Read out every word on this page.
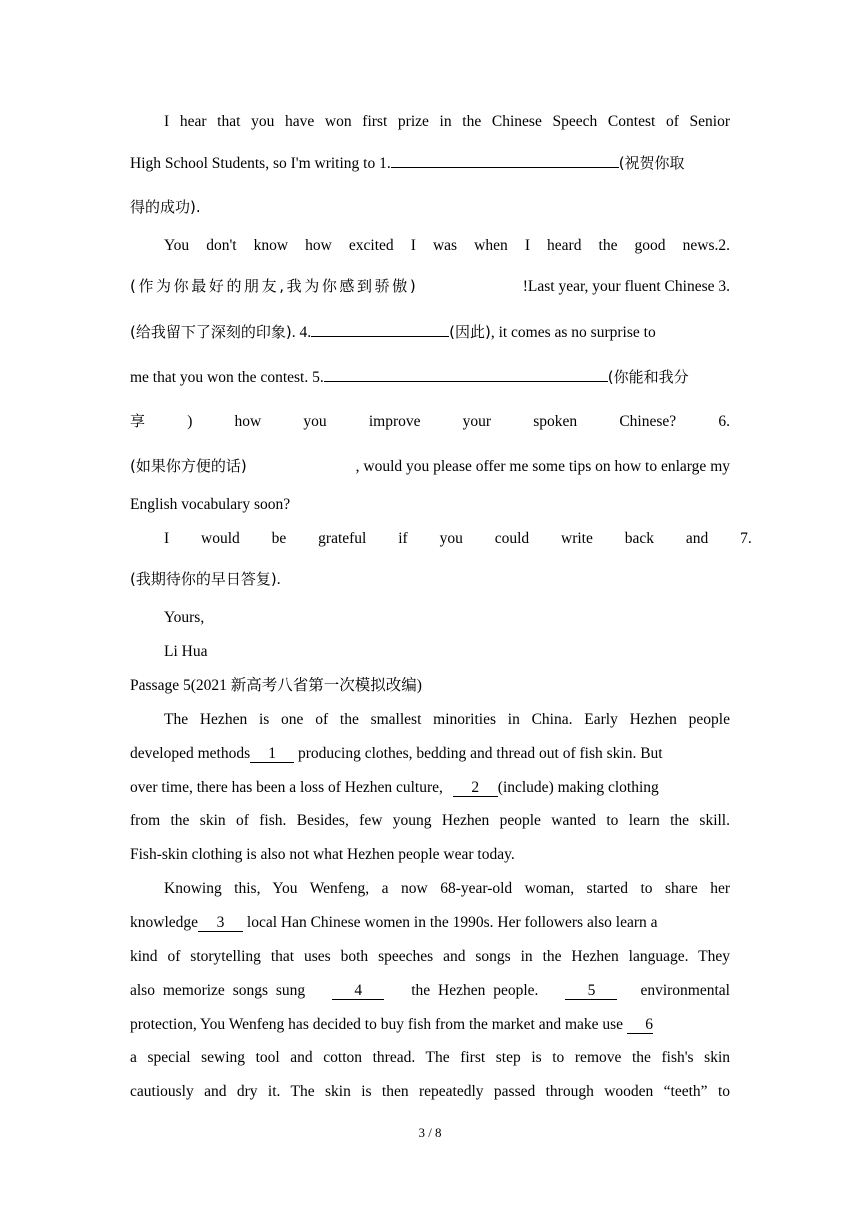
I hear that you have won first prize in the Chinese Speech Contest of Senior
High School Students, so I'm writing to 1.	(祝贺你取
得的成功).
You don't know how excited I was when I heard the good news.2.
(作为你最好的朋友,我为你感到骄傲)	!Last year, your fluent Chinese 3.
(给我留下了深刻的印象) . 4.	(因此) , it comes as no surprise to
me that you won the contest. 5.	(你能和我分
享	)	how	you	improve	your	spoken	Chinese?	6.
(如果你方便的话)	, would you please offer me some tips on how to enlarge my
English vocabulary soon?
I would be grateful if you could write back and 7.
(我期待你的早日答复).
Yours,
Li Hua
Passage 5(2021 新高考八省第一次模拟改编)
The Hezhen is one of the smallest minorities in China. Early Hezhen people
developed methods	1	producing clothes, bedding and thread out of fish skin. But
over time, there has been a loss of Hezhen culture,	2	(include) making clothing
from the skin of fish. Besides, few young Hezhen people wanted to learn the skill.
Fish-skin clothing is also not what Hezhen people wear today.
Knowing this, You Wenfeng, a now 68-year-old woman, started to share her
knowledge	3	local Han Chinese women in the 1990s. Her followers also learn a
kind of storytelling that uses both speeches and songs in the Hezhen language. They
also memorize songs sung	4	the Hezhen people.	5	environmental
protection, You Wenfeng has decided to buy fish from the market and make use	6
a special sewing tool and cotton thread. The first step is to remove the fish's skin
cautiously and dry it. The skin is then repeatedly passed through wooden “teeth” to
3 / 8
